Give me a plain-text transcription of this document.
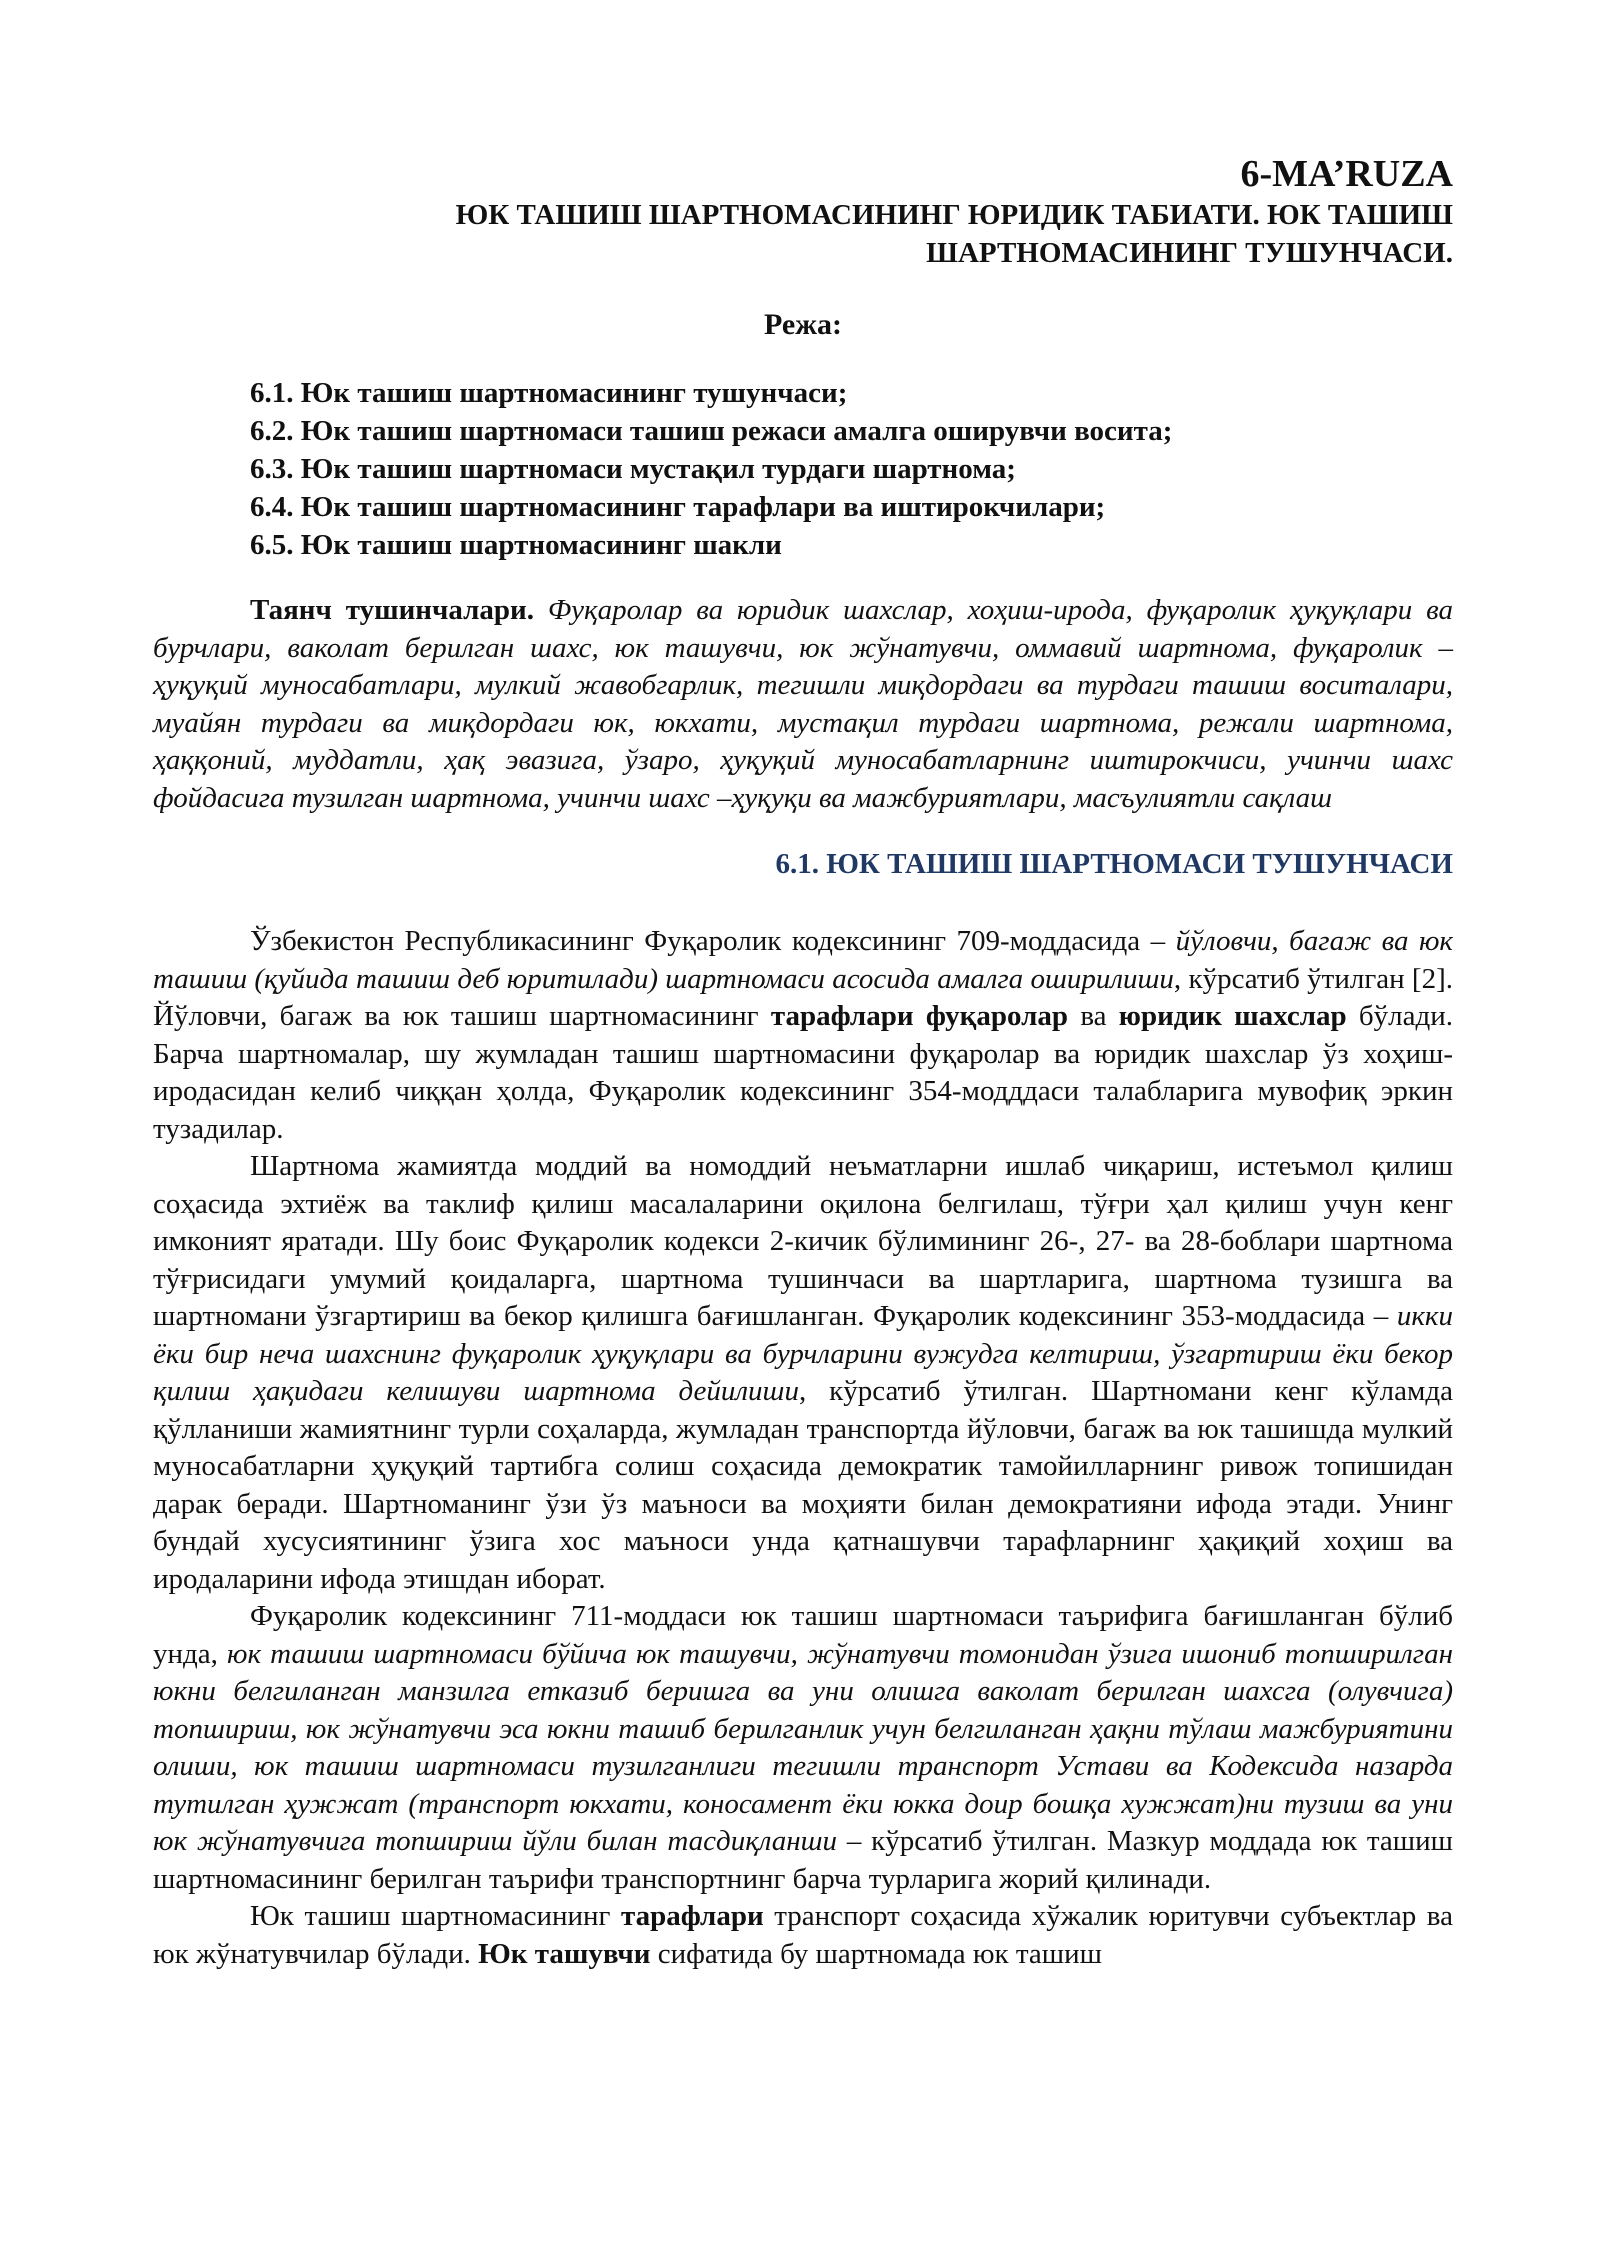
6-MA’RUZA
ЮК ТАШИШ ШАРТНОМАСИНИНГ ЮРИДИК ТАБИАТИ. ЮК ТАШИШ
ШАРТНОМАСИНИНГ ТУШУНЧАСИ.
Режа:
6.1. Юк ташиш шартномасининг тушунчаси;
6.2. Юк ташиш шартномаси ташиш режаси амалга оширувчи восита;
6.3. Юк ташиш шартномаси мустақил турдаги шартнома;
6.4. Юк ташиш шартномасининг тарафлари ва иштирокчилари;
6.5. Юк ташиш шартномасининг шакли

Таянч тушинчалари. Фуқаролар ва юридик шахслар, хоҳиш-ирода, фуқаролик ҳуқуқлари ва бурчлари, ваколат берилган шахс, юк ташувчи, юк жўнатувчи, оммавий шартнома, фуқаролик – ҳуқуқий муносабатлари, мулкий жавобгарлик, тегишли миқдордаги ва турдаги ташиш воситалари, муайян турдаги ва миқдордаги юк, юкхати, мустақил турдаги шартнома, режали шартнома, ҳаққоний, муддатли, ҳақ эвазига, ўзаро, ҳуқуқий муносабатларнинг иштирокчиси, учинчи шахс фойдасига тузилган шартнома, учинчи шахс –ҳуқуқи ва мажбуриятлари, масъулиятли сақлаш

6.1. ЮК ТАШИШ ШАРТНОМАСИ ТУШУНЧАСИ

Ўзбекистон Республикасининг Фуқаролик кодексининг 709-моддасида – йўловчи, багаж ва юк ташиш (қуйида ташиш деб юритилади) шартномаси асосида амалга оширилиши, кўрсатиб ўтилган [2]. Йўловчи, багаж ва юк ташиш шартномасининг тарафлари фуқаролар ва юридик шахслар бўлади. Барча шартномалар, шу жумладан ташиш шартномасини фуқаролар ва юридик шахслар ўз хоҳиш-иродасидан келиб чиққан ҳолда, Фуқаролик кодексининг 354-модддаси талабларига мувофиқ эркин тузадилар.

Шартнома жамиятда моддий ва номоддий неъматларни ишлаб чиқариш, истеъмол қилиш соҳасида эхтиёж ва таклиф қилиш масалаларини оқилона белгилаш, тўғри ҳал қилиш учун кенг имконият яратади. Шу боис Фуқаролик кодекси 2-кичик бўлимининг 26-, 27- ва 28-боблари шартнома тўғрисидаги умумий қоидаларга, шартнома тушинчаси ва шартларига, шартнома тузишга ва шартномани ўзгартириш ва бекор қилишга бағишланган. Фуқаролик кодексининг 353-моддасида – икки ёки бир неча шахснинг фуқаролик ҳуқуқлари ва бурчларини вужудга келтириш, ўзгартириш ёки бекор қилиш ҳақидаги келишуви шартнома дейилиши, кўрсатиб ўтилган. Шартномани кенг кўламда қўлланиши жамиятнинг турли соҳаларда, жумладан транспортда йўловчи, багаж ва юк ташишда мулкий муносабатларни ҳуқуқий тартибга солиш соҳасида демократик тамойилларнинг ривож топишидан дарак беради. Шартноманинг ўзи ўз маъноси ва моҳияти билан демократияни ифода этади. Унинг бундай хусусиятининг ўзига хос маъноси унда қатнашувчи тарафларнинг ҳақиқий хоҳиш ва иродаларини ифода этишдан иборат.

Фуқаролик кодексининг 711-моддаси юк ташиш шартномаси таърифига бағишланган бўлиб унда, юк ташиш шартномаси бўйича юк ташувчи, жўнатувчи томонидан ўзига ишониб топширилган юкни белгиланган манзилга етказиб беришга ва уни олишга ваколат берилган шахсга (олувчига) топшириш, юк жўнатувчи эса юкни ташиб берилганлик учун белгиланган ҳақни тўлаш мажбуриятини олиши, юк ташиш шартномаси тузилганлиги тегишли транспорт Устави ва Кодексида назарда тутилган ҳужжат (транспорт юкхати, коносамент ёки юкка доир бошқа хужжат)ни тузиш ва уни юк жўнатувчига топшириш йўли билан тасдиқланши – кўрсатиб ўтилган. Мазкур моддада юк ташиш шартномасининг берилган таърифи транспортнинг барча турларига жорий қилинади.

Юк ташиш шартномасининг тарафлари транспорт соҳасида хўжалик юритувчи субъектлар ва юк жўнатувчилар бўлади. Юк ташувчи сифатида бу шартномада юк ташиш
